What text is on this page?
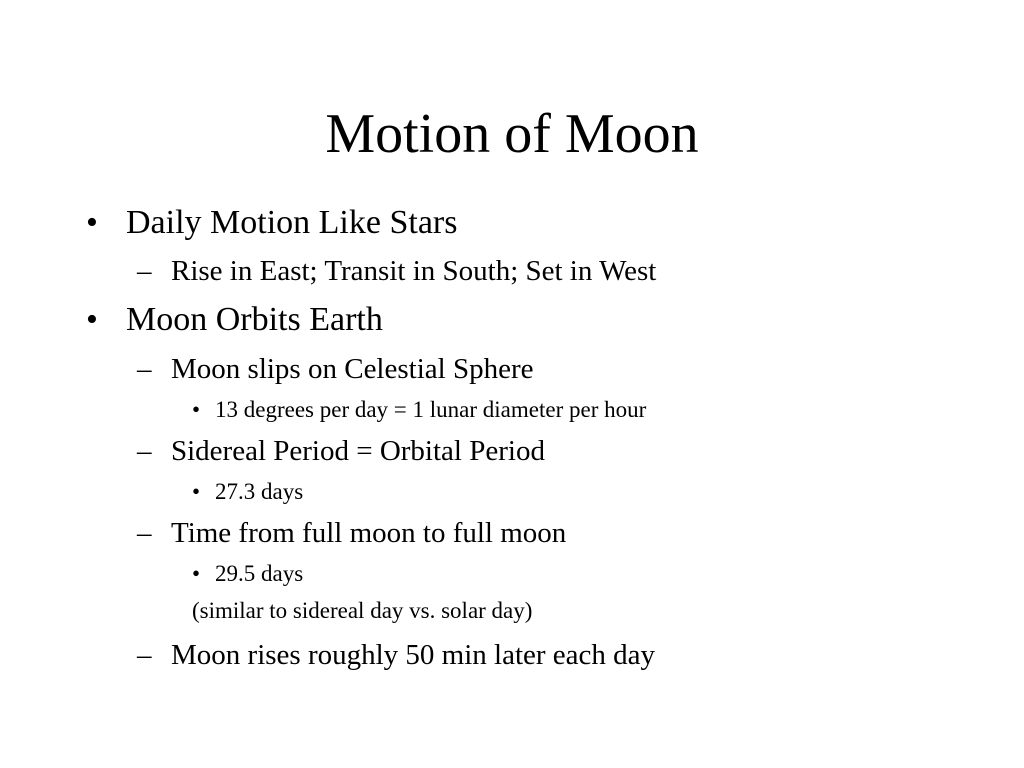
Motion of Moon
• Daily Motion Like Stars
– Rise in East; Transit in South; Set in West
• Moon Orbits Earth
– Moon slips on Celestial Sphere
• 13 degrees per day = 1 lunar diameter per hour
– Sidereal Period = Orbital Period
• 27.3 days
– Time from full moon to full moon
• 29.5 days
(similar to sidereal day vs. solar day)
– Moon rises roughly 50 min later each day
